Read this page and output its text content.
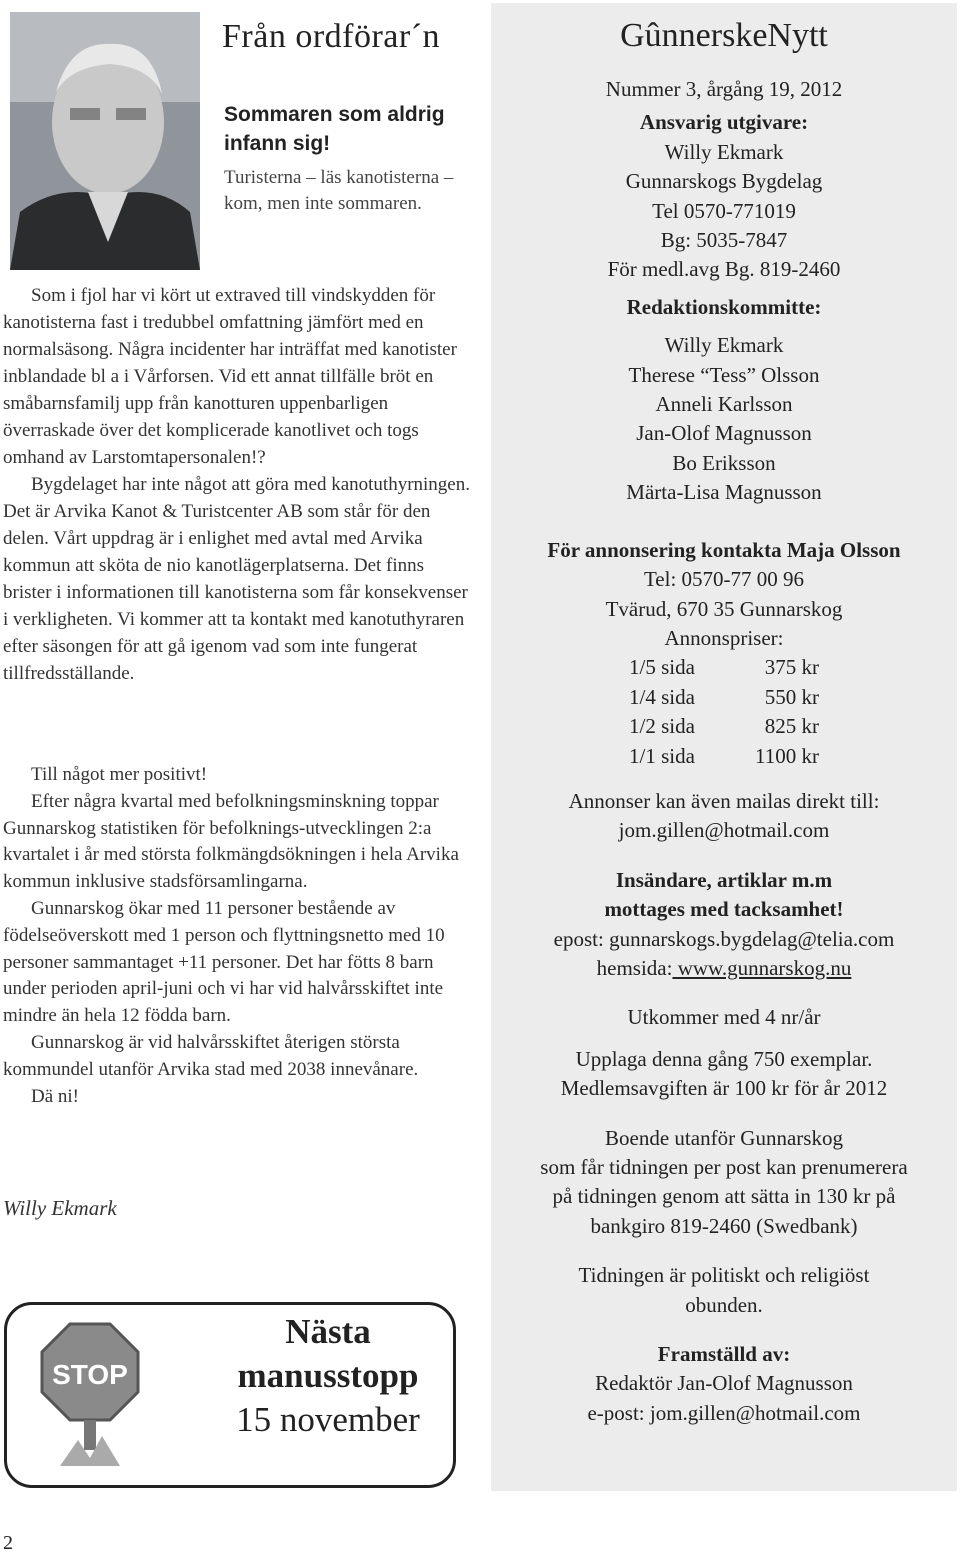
Från ordförar´n
Sommaren som aldrig infann sig!
Turisterna – läs kanotisterna – kom, men inte sommaren.

Som i fjol har vi kört ut extraved till vindskydden för kanotisterna fast i tredubbel omfattning jämfört med en normalsäsong. Några incidenter har inträffat med kanotister inblandade bl a i Vårforsen. Vid ett annat tillfälle bröt en småbarnsfamilj upp från kanotturen uppenbarligen överraskade över det komplicerade kanotlivet och togs omhand av Larstomtapersonalen!?

Bygdelaget har inte något att göra med kanotuthyrningen. Det är Arvika Kanot & Turistcenter AB som står för den delen. Vårt uppdrag är i enlighet med avtal med Arvika kommun att sköta de nio kanotlägerplatserna. Det finns brister i informationen till kanotisterna som får konsekvenser i verkligheten. Vi kommer att ta kontakt med kanotuthyraren efter säsongen för att gå igenom vad som inte fungerat tillfredsställande.

Till något mer positivt!

Efter några kvartal med befolkningsminskning toppar Gunnarskog statistiken för befolknings-utvecklingen 2:a kvartalet i år med största folkmängdsökningen i hela Arvika kommun inklusive stadsförsamlingarna.

Gunnarskog ökar med 11 personer bestående av födelseöverskott med 1 person och flyttningsnetto med 10 personer sammantaget +11 personer. Det har fötts 8 barn under perioden april-juni och vi har vid halvårsskiftet inte mindre än hela 12 födda barn.

Gunnarskog är vid halvårsskiftet återigen största kommundel utanför Arvika stad med 2038 innevånare.

Dä ni!

Willy Ekmark
STOP
Nästa
manusstopp
15 november
2
GûnnerskeNytt
Nummer 3, årgång 19, 2012
Ansvarig utgivare:
Willy Ekmark
Gunnarskogs Bygdelag
Tel 0570-771019
Bg: 5035-7847
För medl.avg Bg. 819-2460
Redaktionskommitte:
Willy Ekmark
Therese “Tess” Olsson
Anneli Karlsson
Jan-Olof Magnusson
Bo Eriksson
Märta-Lisa Magnusson
För annonsering kontakta Maja Olsson
Tel: 0570-77 00 96
Tvärud, 670 35 Gunnarskog
Annonspriser:
1/5 sida	375 kr
1/4 sida	550 kr
1/2 sida	825 kr
1/1 sida	1100 kr
Annonser kan även mailas direkt till:
jom.gillen@hotmail.com
Insändare, artiklar m.m
mottages med tacksamhet!
epost: gunnarskogs.bygdelag@telia.com
hemsida: www.gunnarskog.nu
Utkommer med 4 nr/år
Upplaga denna gång 750 exemplar.
Medlemsavgiften är 100 kr för år 2012
Boende utanför Gunnarskog
som får tidningen per post kan prenumerera
på tidningen genom att sätta in 130 kr på
bankgiro 819-2460 (Swedbank)
Tidningen är politiskt och religiöst
obunden.
Framställd av:
Redaktör Jan-Olof Magnusson
e-post: jom.gillen@hotmail.com
